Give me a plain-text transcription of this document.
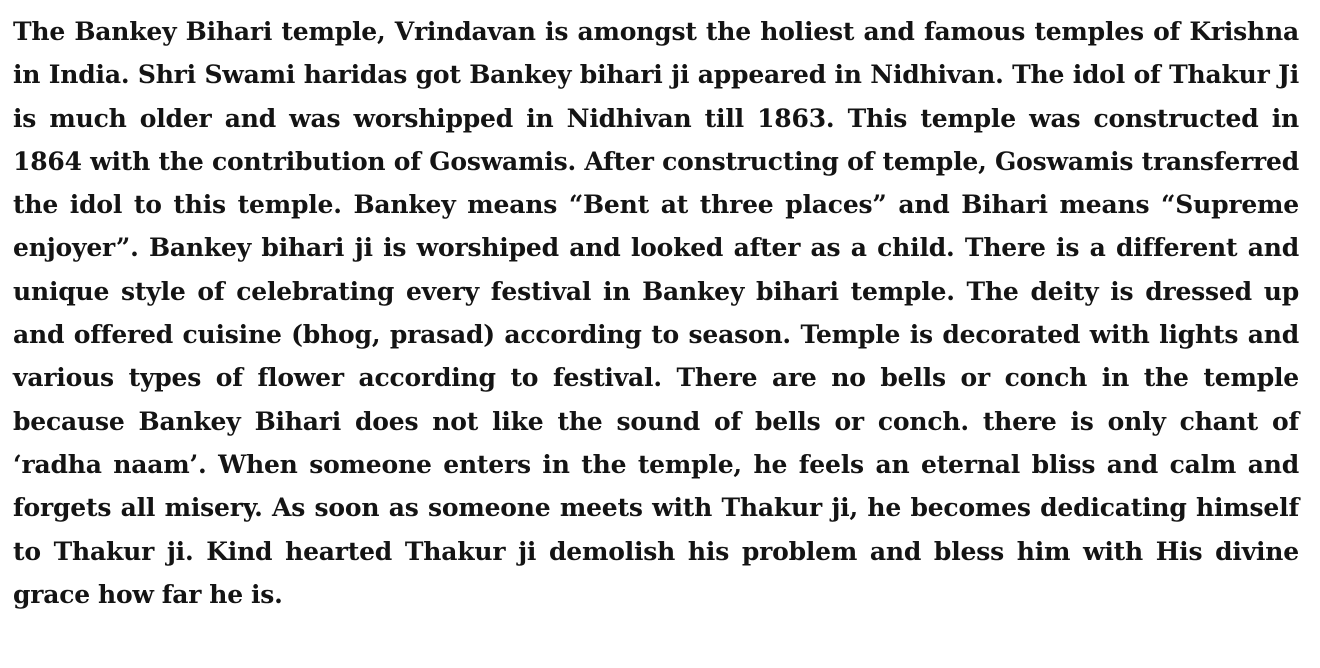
The Bankey Bihari temple, Vrindavan is amongst the holiest and famous temples of Krishna in India. Shri Swami haridas got Bankey bihari ji appeared in Nidhivan. The idol of Thakur Ji is much older and was worshipped in Nidhivan till 1863. This temple was constructed in 1864 with the contribution of Goswamis. After constructing of temple, Goswamis transferred the idol to this temple. Bankey means “Bent at three places” and Bihari means “Supreme enjoyer”. Bankey bihari ji is worshiped and looked after as a child. There is a different and unique style of celebrating every festival in Bankey bihari temple. The deity is dressed up and offered cuisine (bhog, prasad) according to season. Temple is decorated with lights and various types of flower according to festival. There are no bells or conch in the temple because Bankey Bihari does not like the sound of bells or conch. there is only chant of ‘radha naam’. When someone enters in the temple, he feels an eternal bliss and calm and forgets all misery. As soon as someone meets with Thakur ji, he becomes dedicating himself to Thakur ji. Kind hearted Thakur ji demolish his problem and bless him with His divine grace how far he is.
